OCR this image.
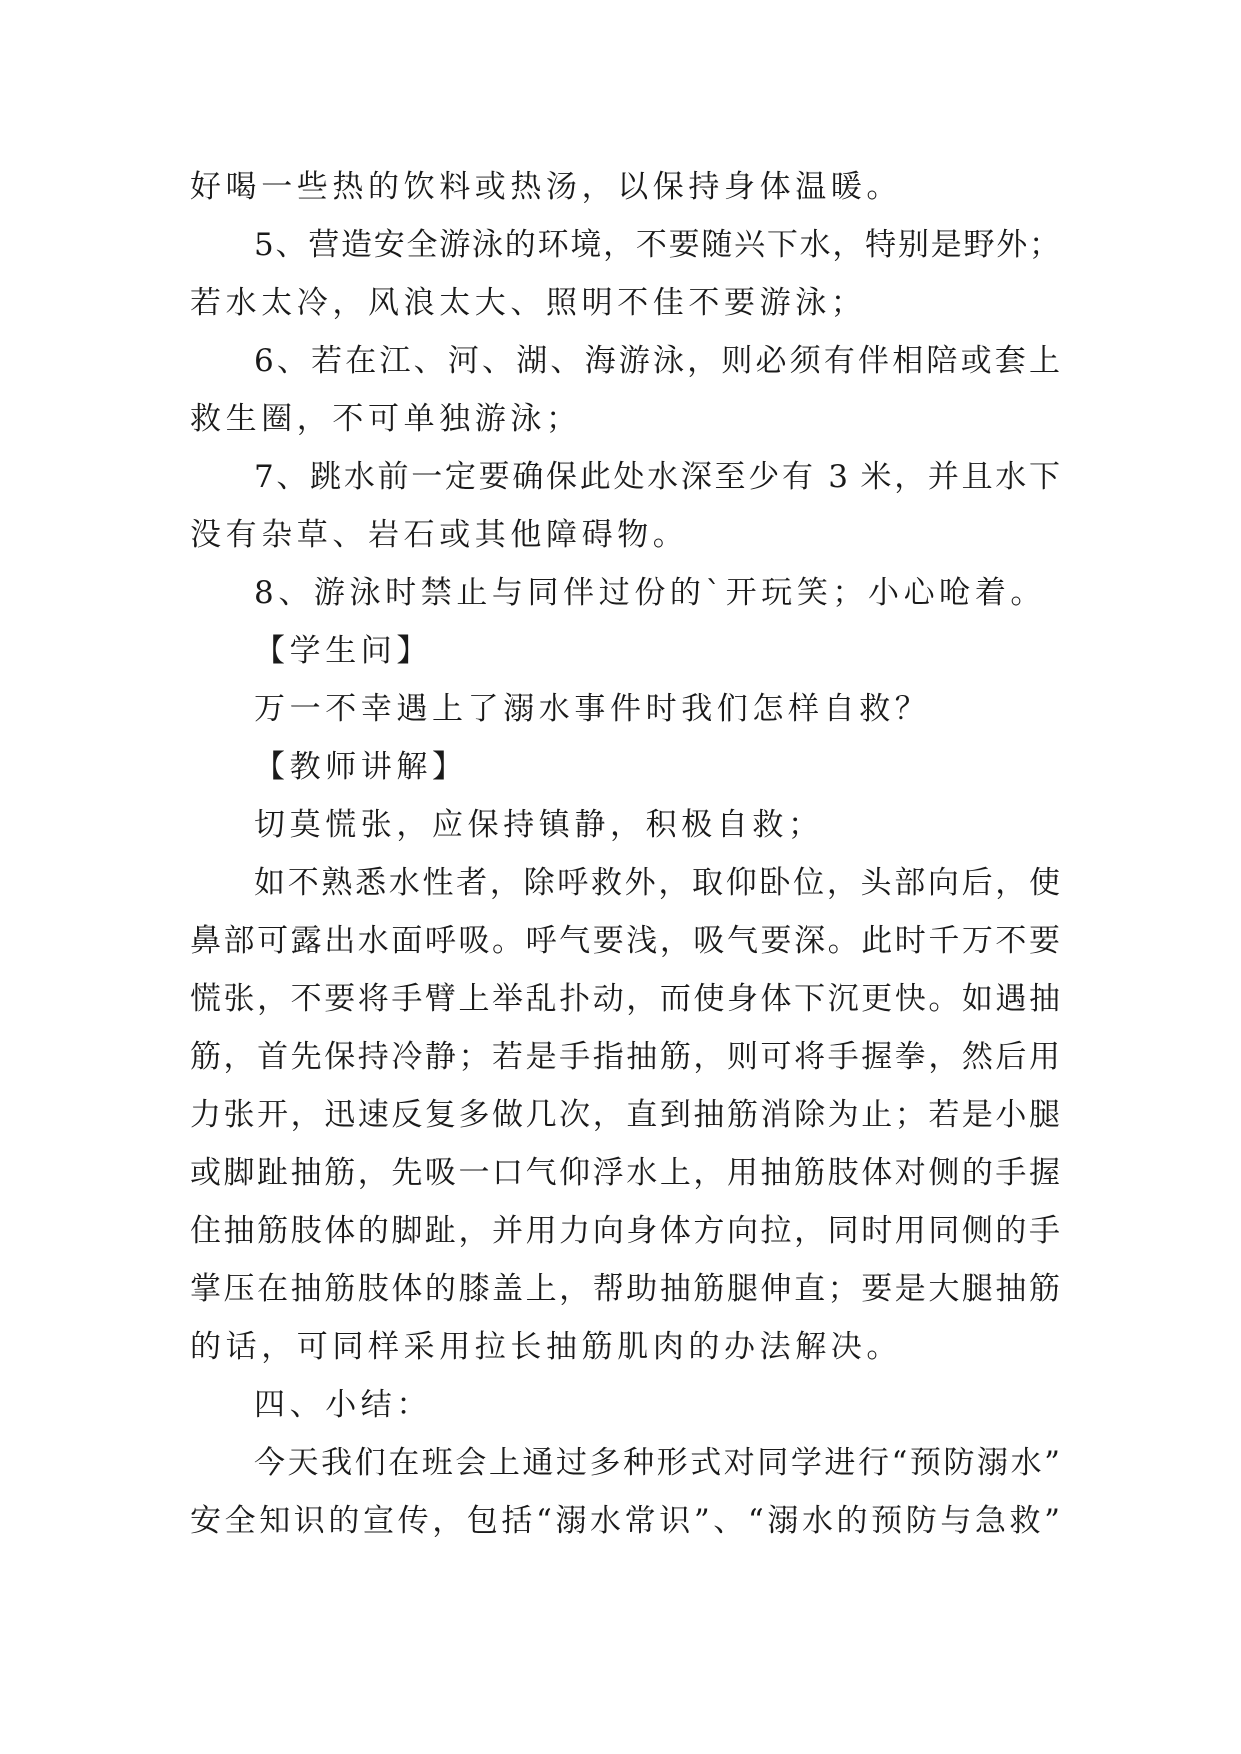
好喝一些热的饮料或热汤，以保持身体温暖。
5、营造安全游泳的环境，不要随兴下水，特别是野外；
若水太冷，风浪太大、照明不佳不要游泳；
6、若在江、河、湖、海游泳，则必须有伴相陪或套上
救生圈，不可单独游泳；
7、跳水前一定要确保此处水深至少有 3 米，并且水下
没有杂草、岩石或其他障碍物。
8、游泳时禁止与同伴过份的`开玩笑；小心呛着。
【学生问】
万一不幸遇上了溺水事件时我们怎样自救？
【教师讲解】
切莫慌张，应保持镇静，积极自救；
如不熟悉水性者，除呼救外，取仰卧位，头部向后，使
鼻部可露出水面呼吸。呼气要浅，吸气要深。此时千万不要
慌张，不要将手臂上举乱扑动，而使身体下沉更快。如遇抽
筋，首先保持冷静；若是手指抽筋，则可将手握拳，然后用
力张开，迅速反复多做几次，直到抽筋消除为止；若是小腿
或脚趾抽筋，先吸一口气仰浮水上，用抽筋肢体对侧的手握
住抽筋肢体的脚趾，并用力向身体方向拉，同时用同侧的手
掌压在抽筋肢体的膝盖上，帮助抽筋腿伸直；要是大腿抽筋
的话，可同样采用拉长抽筋肌肉的办法解决。
四、小结：
今天我们在班会上通过多种形式对同学进行“预防溺水”
安全知识的宣传，包括“溺水常识”、“溺水的预防与急救”
